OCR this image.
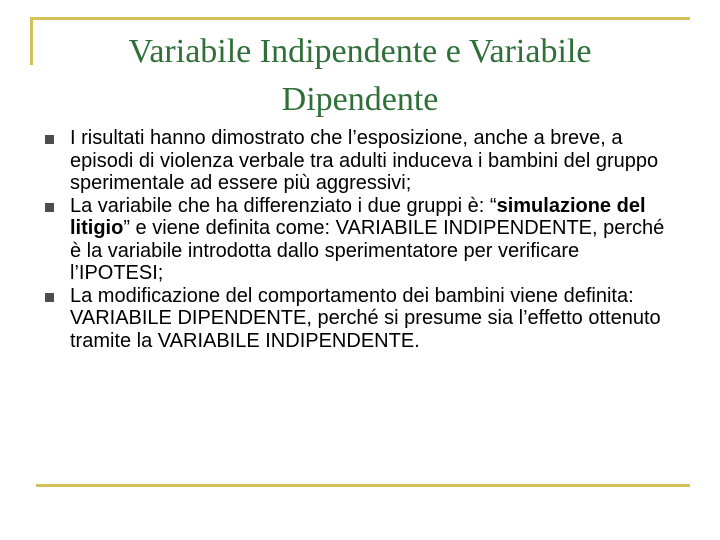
Variabile Indipendente e Variabile Dipendente
I risultati hanno dimostrato che l’esposizione, anche a breve, a episodi di violenza verbale tra adulti induceva i bambini del gruppo sperimentale ad essere più aggressivi;
La variabile che ha differenziato i due gruppi è: “simulazione del litigio” e viene definita come: VARIABILE INDIPENDENTE, perché è la variabile introdotta dallo sperimentatore per verificare l’IPOTESI;
La modificazione del comportamento dei bambini viene definita: VARIABILE DIPENDENTE, perché si presume sia l’effetto ottenuto tramite la VARIABILE INDIPENDENTE.
